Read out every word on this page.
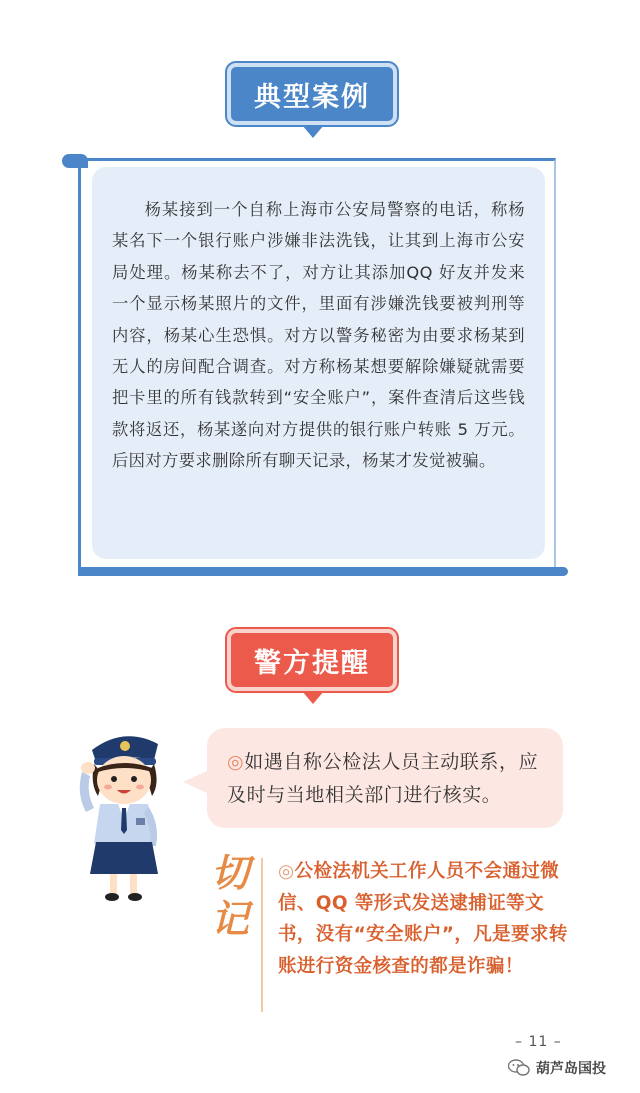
典型案例

杨某接到一个自称上海市公安局警察的电话，称杨某名下一个银行账户涉嫌非法洗钱，让其到上海市公安局处理。杨某称去不了，对方让其添加QQ 好友并发来一个显示杨某照片的文件，里面有涉嫌洗钱要被判刑等内容，杨某心生恐惧。对方以警务秘密为由要求杨某到无人的房间配合调查。对方称杨某想要解除嫌疑就需要把卡里的所有钱款转到“安全账户”，案件查清后这些钱款将返还，杨某遂向对方提供的银行账户转账 5 万元。后因对方要求删除所有聊天记录，杨某才发觉被骗。

警方提醒

◎如遇自称公检法人员主动联系，应及时与当地相关部门进行核实。

切
记

◎公检法机关工作人员不会通过微信、QQ 等形式发送逮捕证等文书，没有“安全账户”，凡是要求转账进行资金核查的都是诈骗！

– 11 –
葫芦岛国投
